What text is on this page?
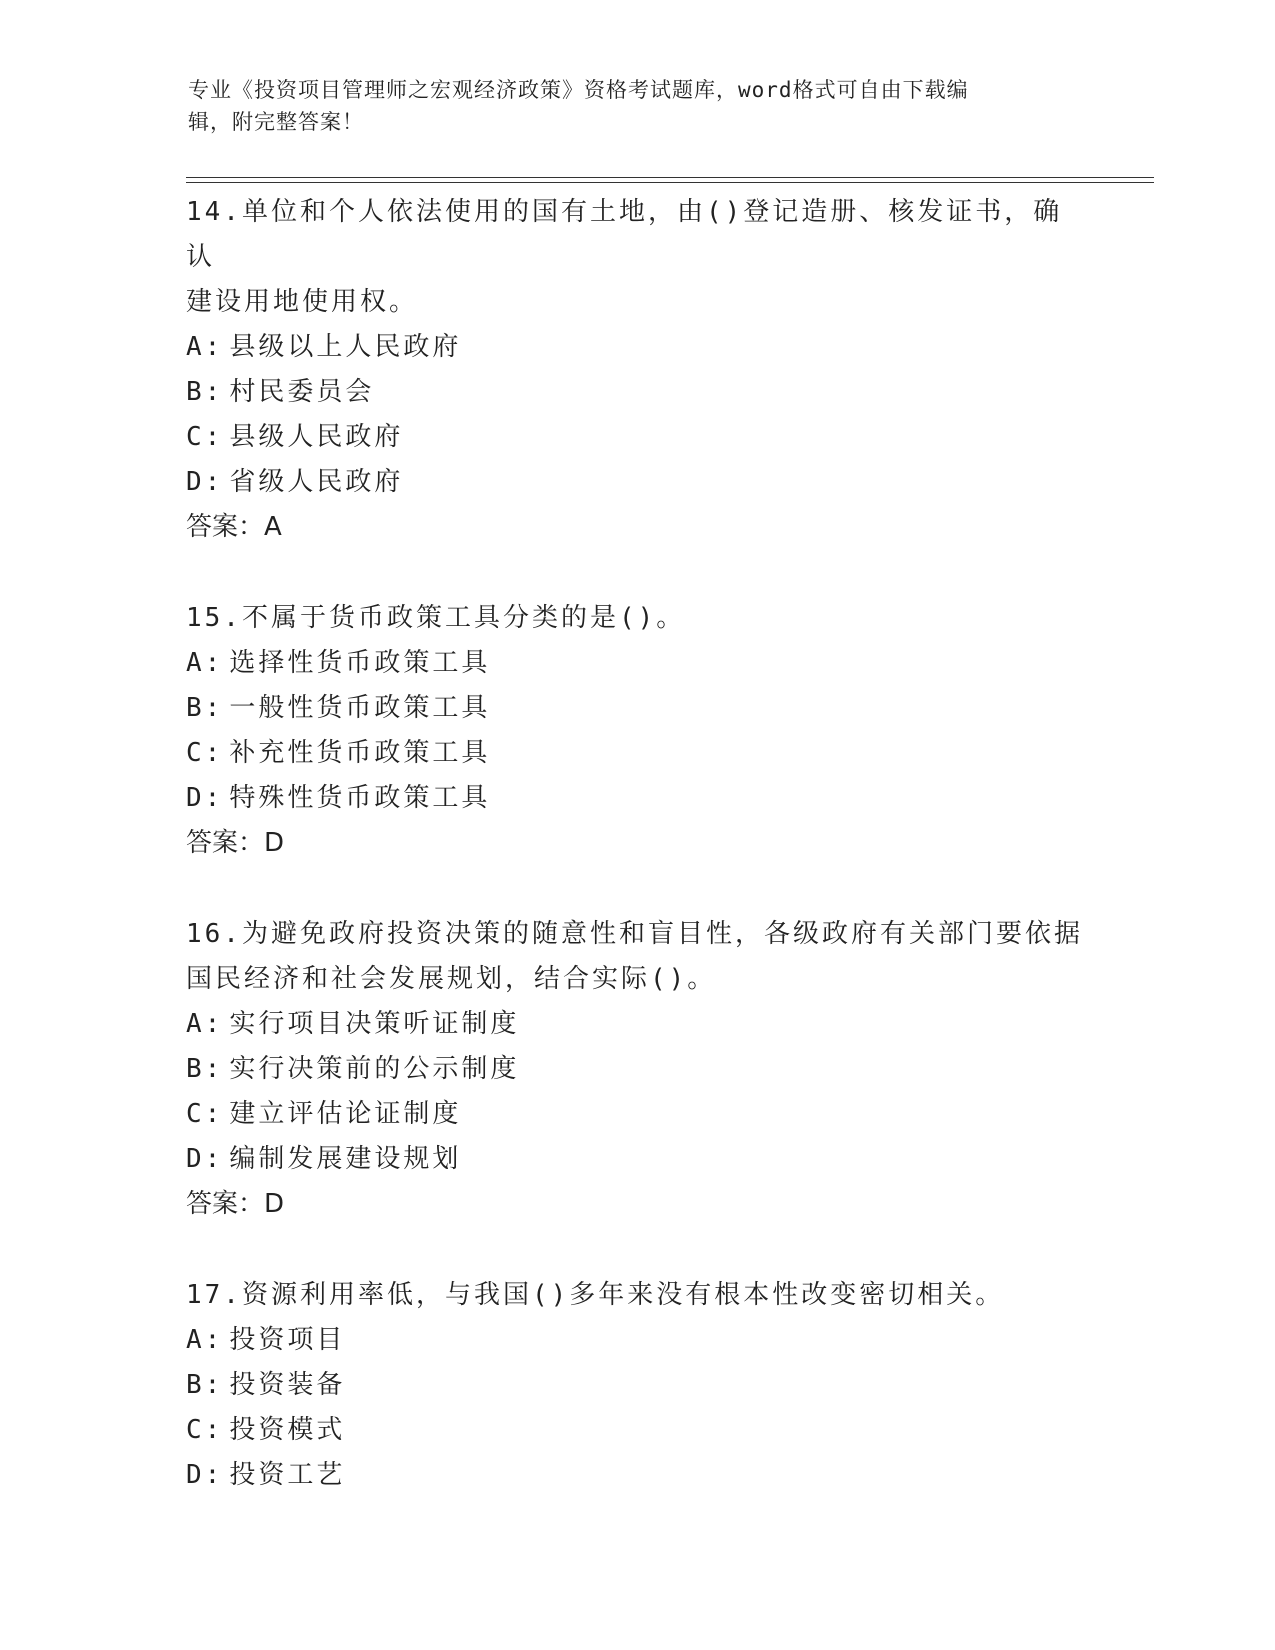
专业《投资项目管理师之宏观经济政策》资格考试题库，word格式可自由下载编
辑，附完整答案！

14.单位和个人依法使用的国有土地，由()登记造册、核发证书，确认
建设用地使用权。

A: 县级以上人民政府

B: 村民委员会

C: 县级人民政府

D: 省级人民政府

答案：A

15.不属于货币政策工具分类的是()。

A: 选择性货币政策工具

B: 一般性货币政策工具

C: 补充性货币政策工具

D: 特殊性货币政策工具

答案：D

16.为避免政府投资决策的随意性和盲目性，各级政府有关部门要依据
国民经济和社会发展规划，结合实际()。

A: 实行项目决策听证制度

B: 实行决策前的公示制度

C: 建立评估论证制度

D: 编制发展建设规划

答案：D

17.资源利用率低，与我国()多年来没有根本性改变密切相关。

A: 投资项目

B: 投资装备

C: 投资模式

D: 投资工艺
